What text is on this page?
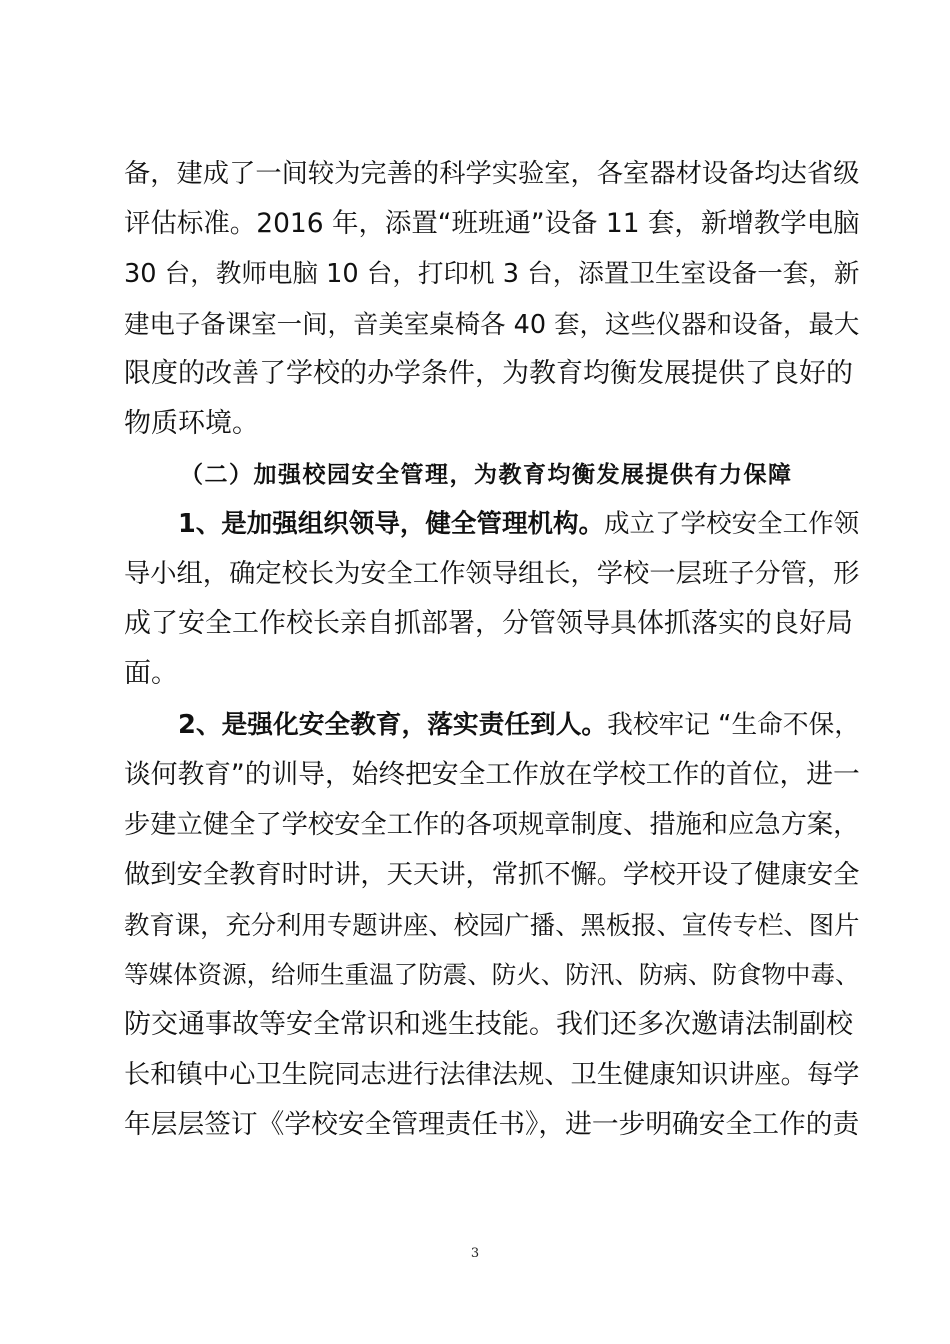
备，建成了一间较为完善的科学实验室，各室器材设备均达省级
评估标准。2016 年，添置“班班通”设备 11 套，新增教学电脑
30 台，教师电脑 10 台，打印机 3 台，添置卫生室设备一套，新
建电子备课室一间，音美室桌椅各 40 套，这些仪器和设备，最大
限度的改善了学校的办学条件，为教育均衡发展提供了良好的
物质环境。
（二）加强校园安全管理，为教育均衡发展提供有力保障
1、是加强组织领导，健全管理机构。成立了学校安全工作领
导小组，确定校长为安全工作领导组长，学校一层班子分管，形
成了安全工作校长亲自抓部署，分管领导具体抓落实的良好局
面。
2、是强化安全教育，落实责任到人。我校牢记 “生命不保，
谈何教育”的训导，始终把安全工作放在学校工作的首位，进一
步建立健全了学校安全工作的各项规章制度、措施和应急方案，
做到安全教育时时讲，天天讲，常抓不懈。学校开设了健康安全
教育课，充分利用专题讲座、校园广播、黑板报、宣传专栏、图片
等媒体资源，给师生重温了防震、防火、防汛、防病、防食物中毒、
防交通事故等安全常识和逃生技能。我们还多次邀请法制副校
长和镇中心卫生院同志进行法律法规、卫生健康知识讲座。每学
年层层签订《学校安全管理责任书》，进一步明确安全工作的责
3
